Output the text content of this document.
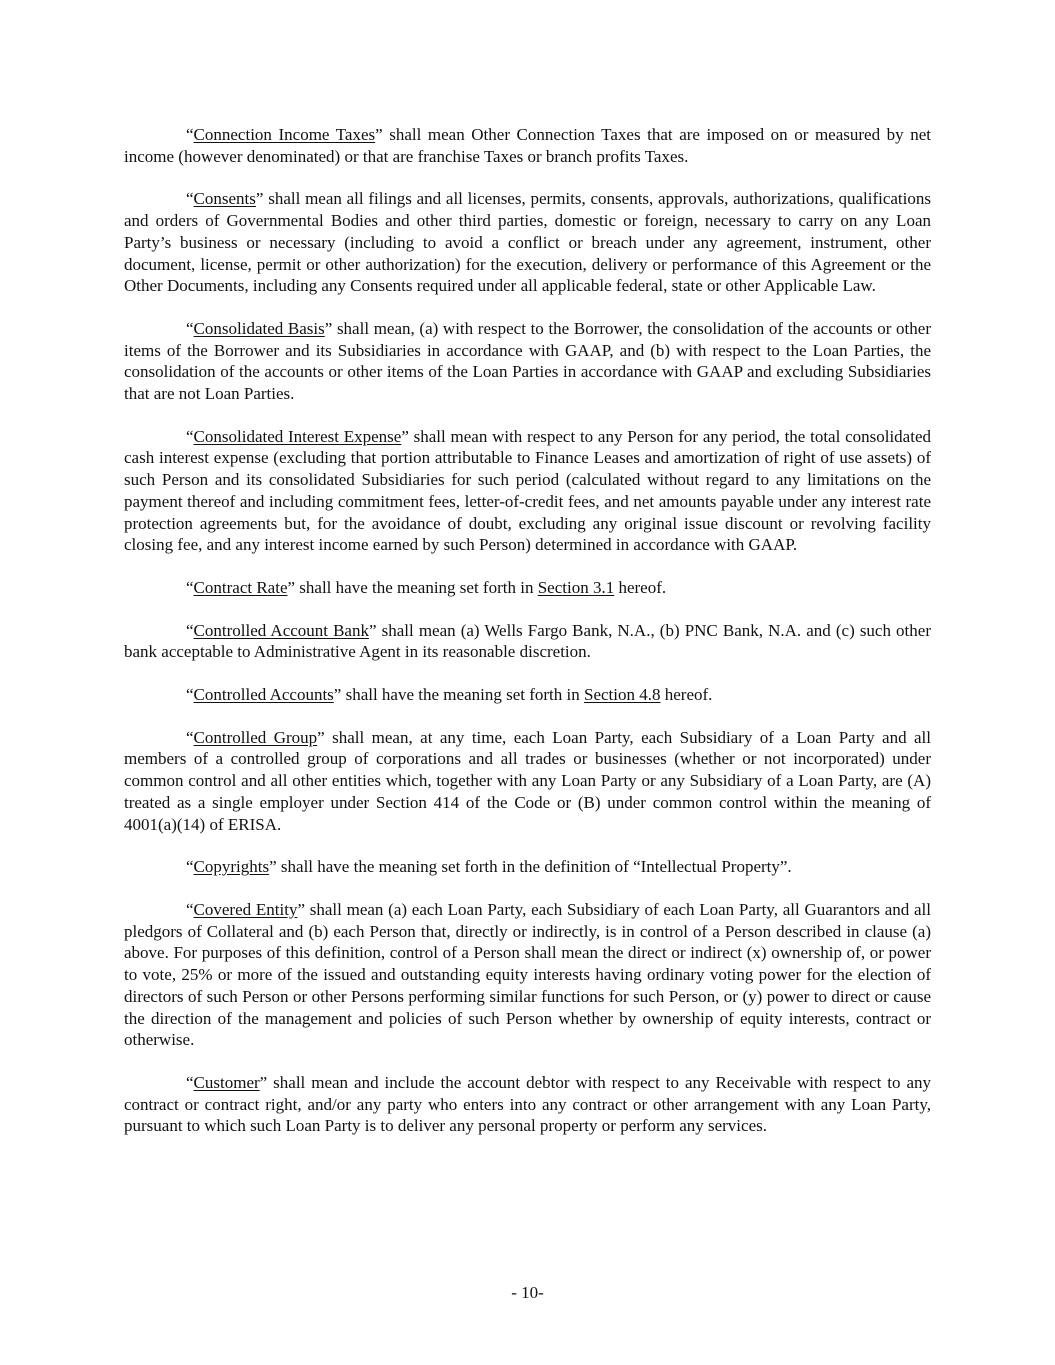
“Connection Income Taxes” shall mean Other Connection Taxes that are imposed on or measured by net income (however denominated) or that are franchise Taxes or branch profits Taxes.

“Consents” shall mean all filings and all licenses, permits, consents, approvals, authorizations, qualifications and orders of Governmental Bodies and other third parties, domestic or foreign, necessary to carry on any Loan Party’s business or necessary (including to avoid a conflict or breach under any agreement, instrument, other document, license, permit or other authorization) for the execution, delivery or performance of this Agreement or the Other Documents, including any Consents required under all applicable federal, state or other Applicable Law.

“Consolidated Basis” shall mean, (a) with respect to the Borrower, the consolidation of the accounts or other items of the Borrower and its Subsidiaries in accordance with GAAP, and (b) with respect to the Loan Parties, the consolidation of the accounts or other items of the Loan Parties in accordance with GAAP and excluding Subsidiaries that are not Loan Parties.

“Consolidated Interest Expense” shall mean with respect to any Person for any period, the total consolidated cash interest expense (excluding that portion attributable to Finance Leases and amortization of right of use assets) of such Person and its consolidated Subsidiaries for such period (calculated without regard to any limitations on the payment thereof and including commitment fees, letter-of-credit fees, and net amounts payable under any interest rate protection agreements but, for the avoidance of doubt, excluding any original issue discount or revolving facility closing fee, and any interest income earned by such Person) determined in accordance with GAAP.

“Contract Rate” shall have the meaning set forth in Section 3.1 hereof.

“Controlled Account Bank” shall mean (a) Wells Fargo Bank, N.A., (b) PNC Bank, N.A. and (c) such other bank acceptable to Administrative Agent in its reasonable discretion.

“Controlled Accounts” shall have the meaning set forth in Section 4.8 hereof.

“Controlled Group” shall mean, at any time, each Loan Party, each Subsidiary of a Loan Party and all members of a controlled group of corporations and all trades or businesses (whether or not incorporated) under common control and all other entities which, together with any Loan Party or any Subsidiary of a Loan Party, are (A) treated as a single employer under Section 414 of the Code or (B) under common control within the meaning of 4001(a)(14) of ERISA.

“Copyrights” shall have the meaning set forth in the definition of “Intellectual Property”.

“Covered Entity” shall mean (a) each Loan Party, each Subsidiary of each Loan Party, all Guarantors and all pledgors of Collateral and (b) each Person that, directly or indirectly, is in control of a Person described in clause (a) above. For purposes of this definition, control of a Person shall mean the direct or indirect (x) ownership of, or power to vote, 25% or more of the issued and outstanding equity interests having ordinary voting power for the election of directors of such Person or other Persons performing similar functions for such Person, or (y) power to direct or cause the direction of the management and policies of such Person whether by ownership of equity interests, contract or otherwise.

“Customer” shall mean and include the account debtor with respect to any Receivable with respect to any contract or contract right, and/or any party who enters into any contract or other arrangement with any Loan Party, pursuant to which such Loan Party is to deliver any personal property or perform any services.

- 10-
